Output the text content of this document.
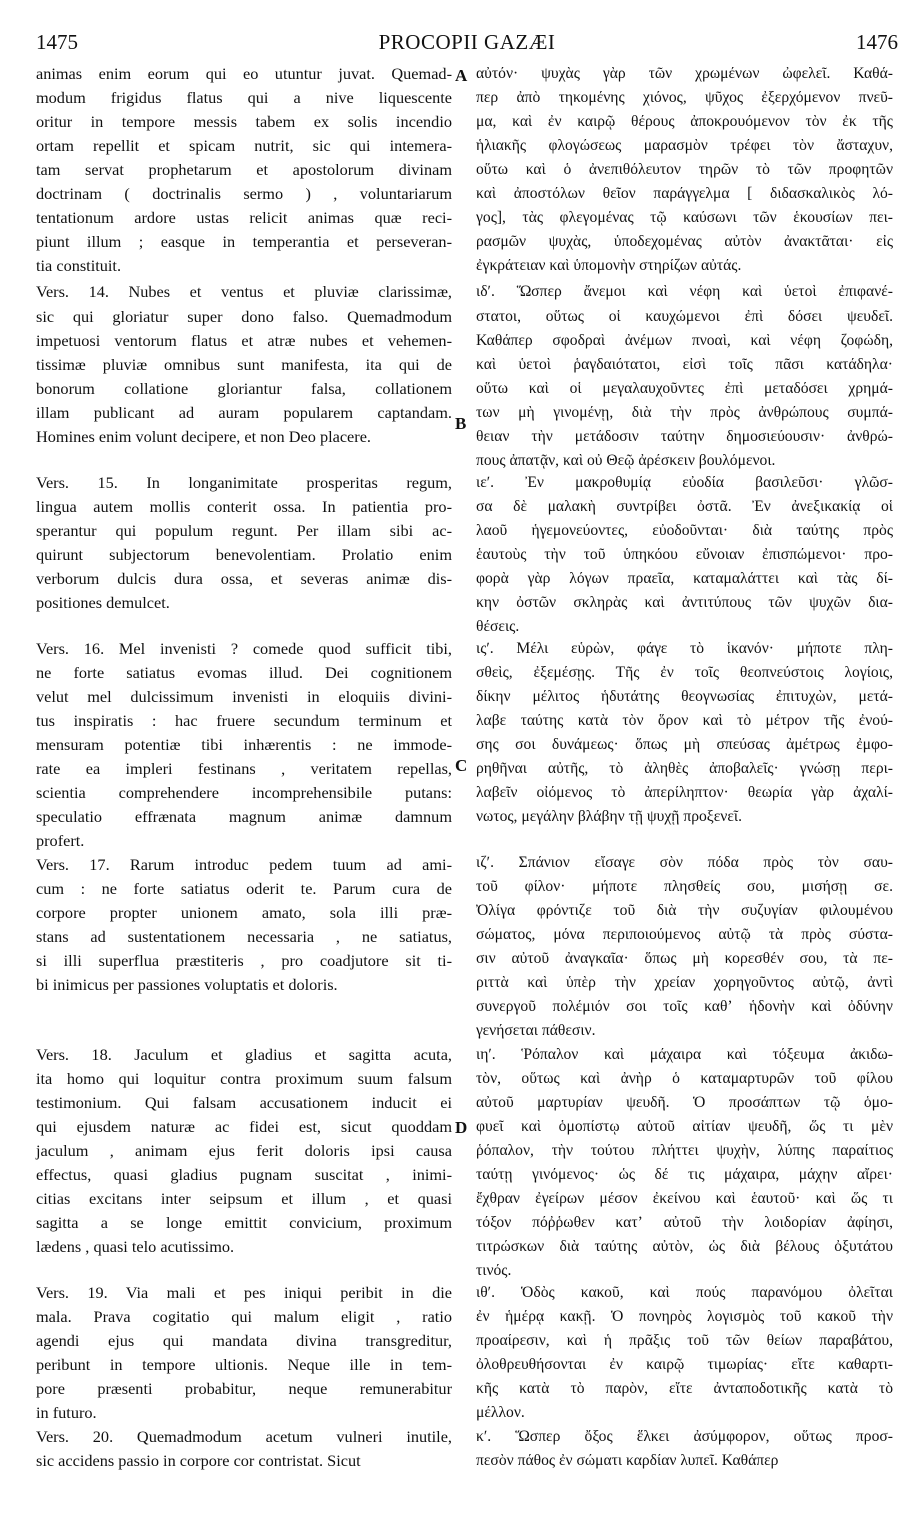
1475	PROCOPII GAZÆI	1476
animas enim eorum qui eo utuntur juvat. Quemad-
modum frigidus flatus qui a nive liquescente
oritur in tempore messis tabem ex solis incendio
ortam repellit et spicam nutrit, sic qui intemera-
tam servat prophetarum et apostolorum divinam
doctrinam ( doctrinalis sermo ) , voluntariarum
tentationum ardore ustas relicit animas quæ reci-
piunt illum ; easque in temperantia et perseveran-
tia constituit.
Vers. 14. Nubes et ventus et pluviæ clarissimæ,
sic qui gloriatur super dono falso. Quemadmodum
impetuosi ventorum flatus et atræ nubes et vehemen-
tissimæ pluviæ omnibus sunt manifesta, ita qui de
bonorum collatione gloriantur falsa, collationem
illam publicant ad auram popularem captandam.
Homines enim volunt decipere, et non Deo placere.
Vers. 15. In longanimitate prosperitas regum,
lingua autem mollis conterit ossa. In patientia pro-
sperantur qui populum regunt. Per illam sibi ac-
quirunt subjectorum benevolentiam. Prolatio enim
verborum dulcis dura ossa, et severas animæ dis-
positiones demulcet.
Vers. 16. Mel invenisti ? comede quod sufficit tibi,
ne forte satiatus evomas illud. Dei cognitionem
velut mel dulcissimum invenisti in eloquiis divini-
tus inspiratis : hac fruere secundum terminum et
mensuram potentiæ tibi inhærentis : ne immode-
rate ea impleri festinans , veritatem repellas,
scientia comprehendere incomprehensibile putans:
speculatio effrænata magnum animæ damnum
profert.
Vers. 17. Rarum introduc pedem tuum ad ami-
cum : ne forte satiatus oderit te. Parum cura de
corpore propter unionem amato, sola illi præ-
stans ad sustentationem necessaria , ne satiatus,
si illi superflua præstiteris , pro coadjutore sit ti-
bi inimicus per passiones voluptatis et doloris.
Vers. 18. Jaculum et gladius et sagitta acuta,
ita homo qui loquitur contra proximum suum falsum
testimonium. Qui falsam accusationem inducit ei
qui ejusdem naturæ ac fidei est, sicut quoddam
jaculum , animam ejus ferit doloris ipsi causa
effectus, quasi gladius pugnam suscitat , inimi-
citias excitans inter seipsum et illum , et quasi
sagitta a se longe emittit convicium, proximum
lædens , quasi telo acutissimo.
Vers. 19. Via mali et pes iniqui peribit in die
mala. Prava cogitatio qui malum eligit , ratio
agendi ejus qui mandata divina transgreditur,
peribunt in tempore ultionis. Neque ille in tem-
pore præsenti probabitur, neque remunerabitur
in futuro.
Vers. 20. Quemadmodum acetum vulneri inutile,
sic accidens passio in corpore cor contristat. Sicut
αὐτόν· ψυχὰς γὰρ τῶν χρωμένων ὠφελεῖ. Καθά-
περ ἀπὸ τηκομένης χιόνος, ψῦχος ἐξερχόμενον πνεῦ-
μα, καὶ ἐν καιρῷ θέρους ἀποκρουόμενον τὸν ἐκ τῆς
ἡλιακῆς φλογώσεως μαρασμὸν τρέφει τὸν ἄσταχυν,
οὕτω καὶ ὁ ἀνεπιθόλευτον τηρῶν τὸ τῶν προφητῶν
καὶ ἀποστόλων θεῖον παράγγελμα [ διδασκαλικὸς λό-
γος], τὰς φλεγομένας τῷ καύσωνι τῶν ἑκουσίων πει-
ρασμῶν ψυχὰς, ὑποδεχομένας αὐτὸν ἀνακτᾶται· εἰς
ἐγκράτειαν καὶ ὑπομονὴν στηρίζων αὐτάς.
ιδʹ. Ὥσπερ ἄνεμοι καὶ νέφη καὶ ὑετοὶ ἐπιφανέ-
στατοι, οὕτως οἱ καυχώμενοι ἐπὶ δόσει ψευδεῖ.
Καθάπερ σφοδραὶ ἀνέμων πνοαὶ, καὶ νέφη ζοφώδη,
καὶ ὑετοὶ ῥαγδαιότατοι, εἰσὶ τοῖς πᾶσι κατάδηλα·
οὕτω καὶ οἱ μεγαλαυχοῦντες ἐπὶ μεταδόσει χρημά-
των μὴ γινομένῃ, διὰ τὴν πρὸς ἀνθρώπους συμπά-
θειαν τὴν μετάδοσιν ταύτην δημοσιεύουσιν· ἀνθρώ-
πους ἀπατᾷν, καὶ οὐ Θεῷ ἀρέσκειν βουλόμενοι.
ιεʹ. Ἐν μακροθυμίᾳ εὐοδία βασιλεῦσι· γλῶσ-
σα δὲ μαλακὴ συντρίβει ὀστᾶ. Ἐν ἀνεξικακίᾳ οἱ
λαοῦ ἡγεμονεύοντες, εὐοδοῦνται· διὰ ταύτης πρὸς
ἑαυτοὺς τὴν τοῦ ὑπηκόου εὔνοιαν ἐπισπώμενοι· προ-
φορὰ γὰρ λόγων πραεῖα, καταμαλάττει καὶ τὰς δί-
κην ὀστῶν σκληρὰς καὶ ἀντιτύπους τῶν ψυχῶν δια-
θέσεις.
ιςʹ. Μέλι εὑρὼν, φάγε τὸ ἱκανόν· μήποτε πλη-
σθεὶς, ἐξεμέσῃς. Τῆς ἐν τοῖς θεοπνεύστοις λογίοις,
δίκην μέλιτος ἡδυτάτης θεογνωσίας ἐπιτυχὼν, μετά-
λαβε ταύτης κατὰ τὸν ὅρον καὶ τὸ μέτρον τῆς ἐνού-
σης σοι δυνάμεως· ὅπως μὴ σπεύσας ἀμέτρως ἐμφο-
ρηθῆναι αὐτῆς, τὸ ἀληθὲς ἀποβαλεῖς· γνώσῃ περι-
λαβεῖν οἰόμενος τὸ ἀπερίληπτον· θεωρία γὰρ ἀχαλί-
νωτος, μεγάλην βλάβην τῇ ψυχῇ προξενεῖ.
ιζʹ. Σπάνιον εἴσαγε σὸν πόδα πρὸς τὸν σαυ-
τοῦ φίλον· μήποτε πλησθείς σου, μισήσῃ σε.
Ὀλίγα φρόντιζε τοῦ διὰ τὴν συζυγίαν φιλουμένου
σώματος, μόνα περιποιούμενος αὐτῷ τὰ πρὸς σύστα-
σιν αὐτοῦ ἀναγκαῖα· ὅπως μὴ κορεσθέν σου, τὰ πε-
ριττὰ καὶ ὑπὲρ τὴν χρείαν χορηγοῦντος αὐτῷ, ἀντὶ
συνεργοῦ πολέμιόν σοι τοῖς καθʼ ἡδονὴν καὶ ὀδύνην
γενήσεται πάθεσιν.
ιηʹ. Ῥόπαλον καὶ μάχαιρα καὶ τόξευμα ἀκιδω-
τὸν, οὕτως καὶ ἀνὴρ ὁ καταμαρτυρῶν τοῦ φίλου
αὐτοῦ μαρτυρίαν ψευδῆ. Ὁ προσάπτων τῷ ὁμο-
φυεῖ καὶ ὁμοπίστῳ αὐτοῦ αἰτίαν ψευδῆ, ὥς τι μὲν
ῥόπαλον, τὴν τούτου πλήττει ψυχὴν, λύπης παραίτιος
ταύτῃ γινόμενος· ὡς δέ τις μάχαιρα, μάχην αἴρει·
ἔχθραν ἐγείρων μέσον ἐκείνου καὶ ἑαυτοῦ· καὶ ὥς τι
τόξον πόῤῥωθεν κατʼ αὐτοῦ τὴν λοιδορίαν ἀφίησι,
τιτρώσκων διὰ ταύτης αὐτὸν, ὡς διὰ βέλους ὀξυτάτου
τινός.
ιθʹ. Ὁδὸς κακοῦ, καὶ πούς παρανόμου ὀλεῖται
ἐν ἡμέρᾳ κακῇ. Ὁ πονηρὸς λογισμὸς τοῦ κακοῦ τὴν
προαίρεσιν, καὶ ἡ πρᾶξις τοῦ τῶν θείων παραβάτου,
ὀλοθρευθήσονται ἐν καιρῷ τιμωρίας· εἴτε καθαρτι-
κῆς κατὰ τὸ παρὸν, εἴτε ἀνταποδοτικῆς κατὰ τὸ
μέλλον.
κʹ. Ὥσπερ ὄξος ἕλκει ἀσύμφορον, οὕτως προσ-
πεσὸν πάθος ἐν σώματι καρδίαν λυπεῖ. Καθάπερ
A
B
C
D
